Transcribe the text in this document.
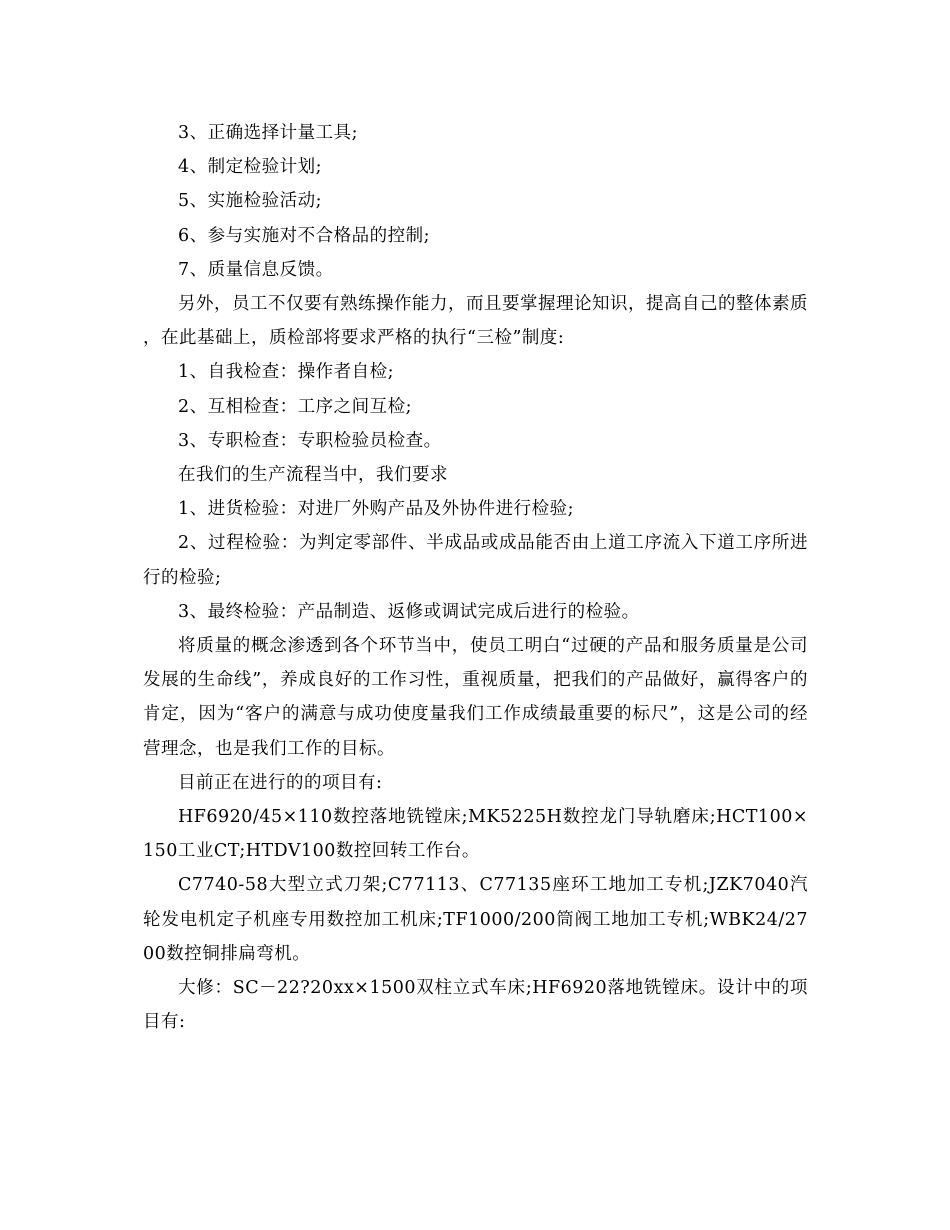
3、正确选择计量工具;

4、制定检验计划;

5、实施检验活动;

6、参与实施对不合格品的控制;

7、质量信息反馈。

另外，员工不仅要有熟练操作能力，而且要掌握理论知识，提高自己的整体素质，在此基础上，质检部将要求严格的执行“三检”制度:

1、自我检查：操作者自检;

2、互相检查：工序之间互检;

3、专职检查：专职检验员检查。

在我们的生产流程当中，我们要求

1、进货检验：对进厂外购产品及外协件进行检验;

2、过程检验：为判定零部件、半成品或成品能否由上道工序流入下道工序所进行的检验;

3、最终检验：产品制造、返修或调试完成后进行的检验。

将质量的概念渗透到各个环节当中，使员工明白“过硬的产品和服务质量是公司发展的生命线”，养成良好的工作习性，重视质量，把我们的产品做好，赢得客户的肯定，因为“客户的满意与成功使度量我们工作成绩最重要的标尺”，这是公司的经营理念，也是我们工作的目标。

目前正在进行的的项目有:

HF6920/45×110数控落地铣镗床;MK5225H数控龙门导轨磨床;HCT100×150工业CT;HTDV100数控回转工作台。

C7740-58大型立式刀架;C77113、C77135座环工地加工专机;JZK7040汽轮发电机定子机座专用数控加工机床;TF1000/200筒阀工地加工专机;WBK24/2700数控铜排扁弯机。

大修：SC－22?20xx×1500双柱立式车床;HF6920落地铣镗床。设计中的项目有:
